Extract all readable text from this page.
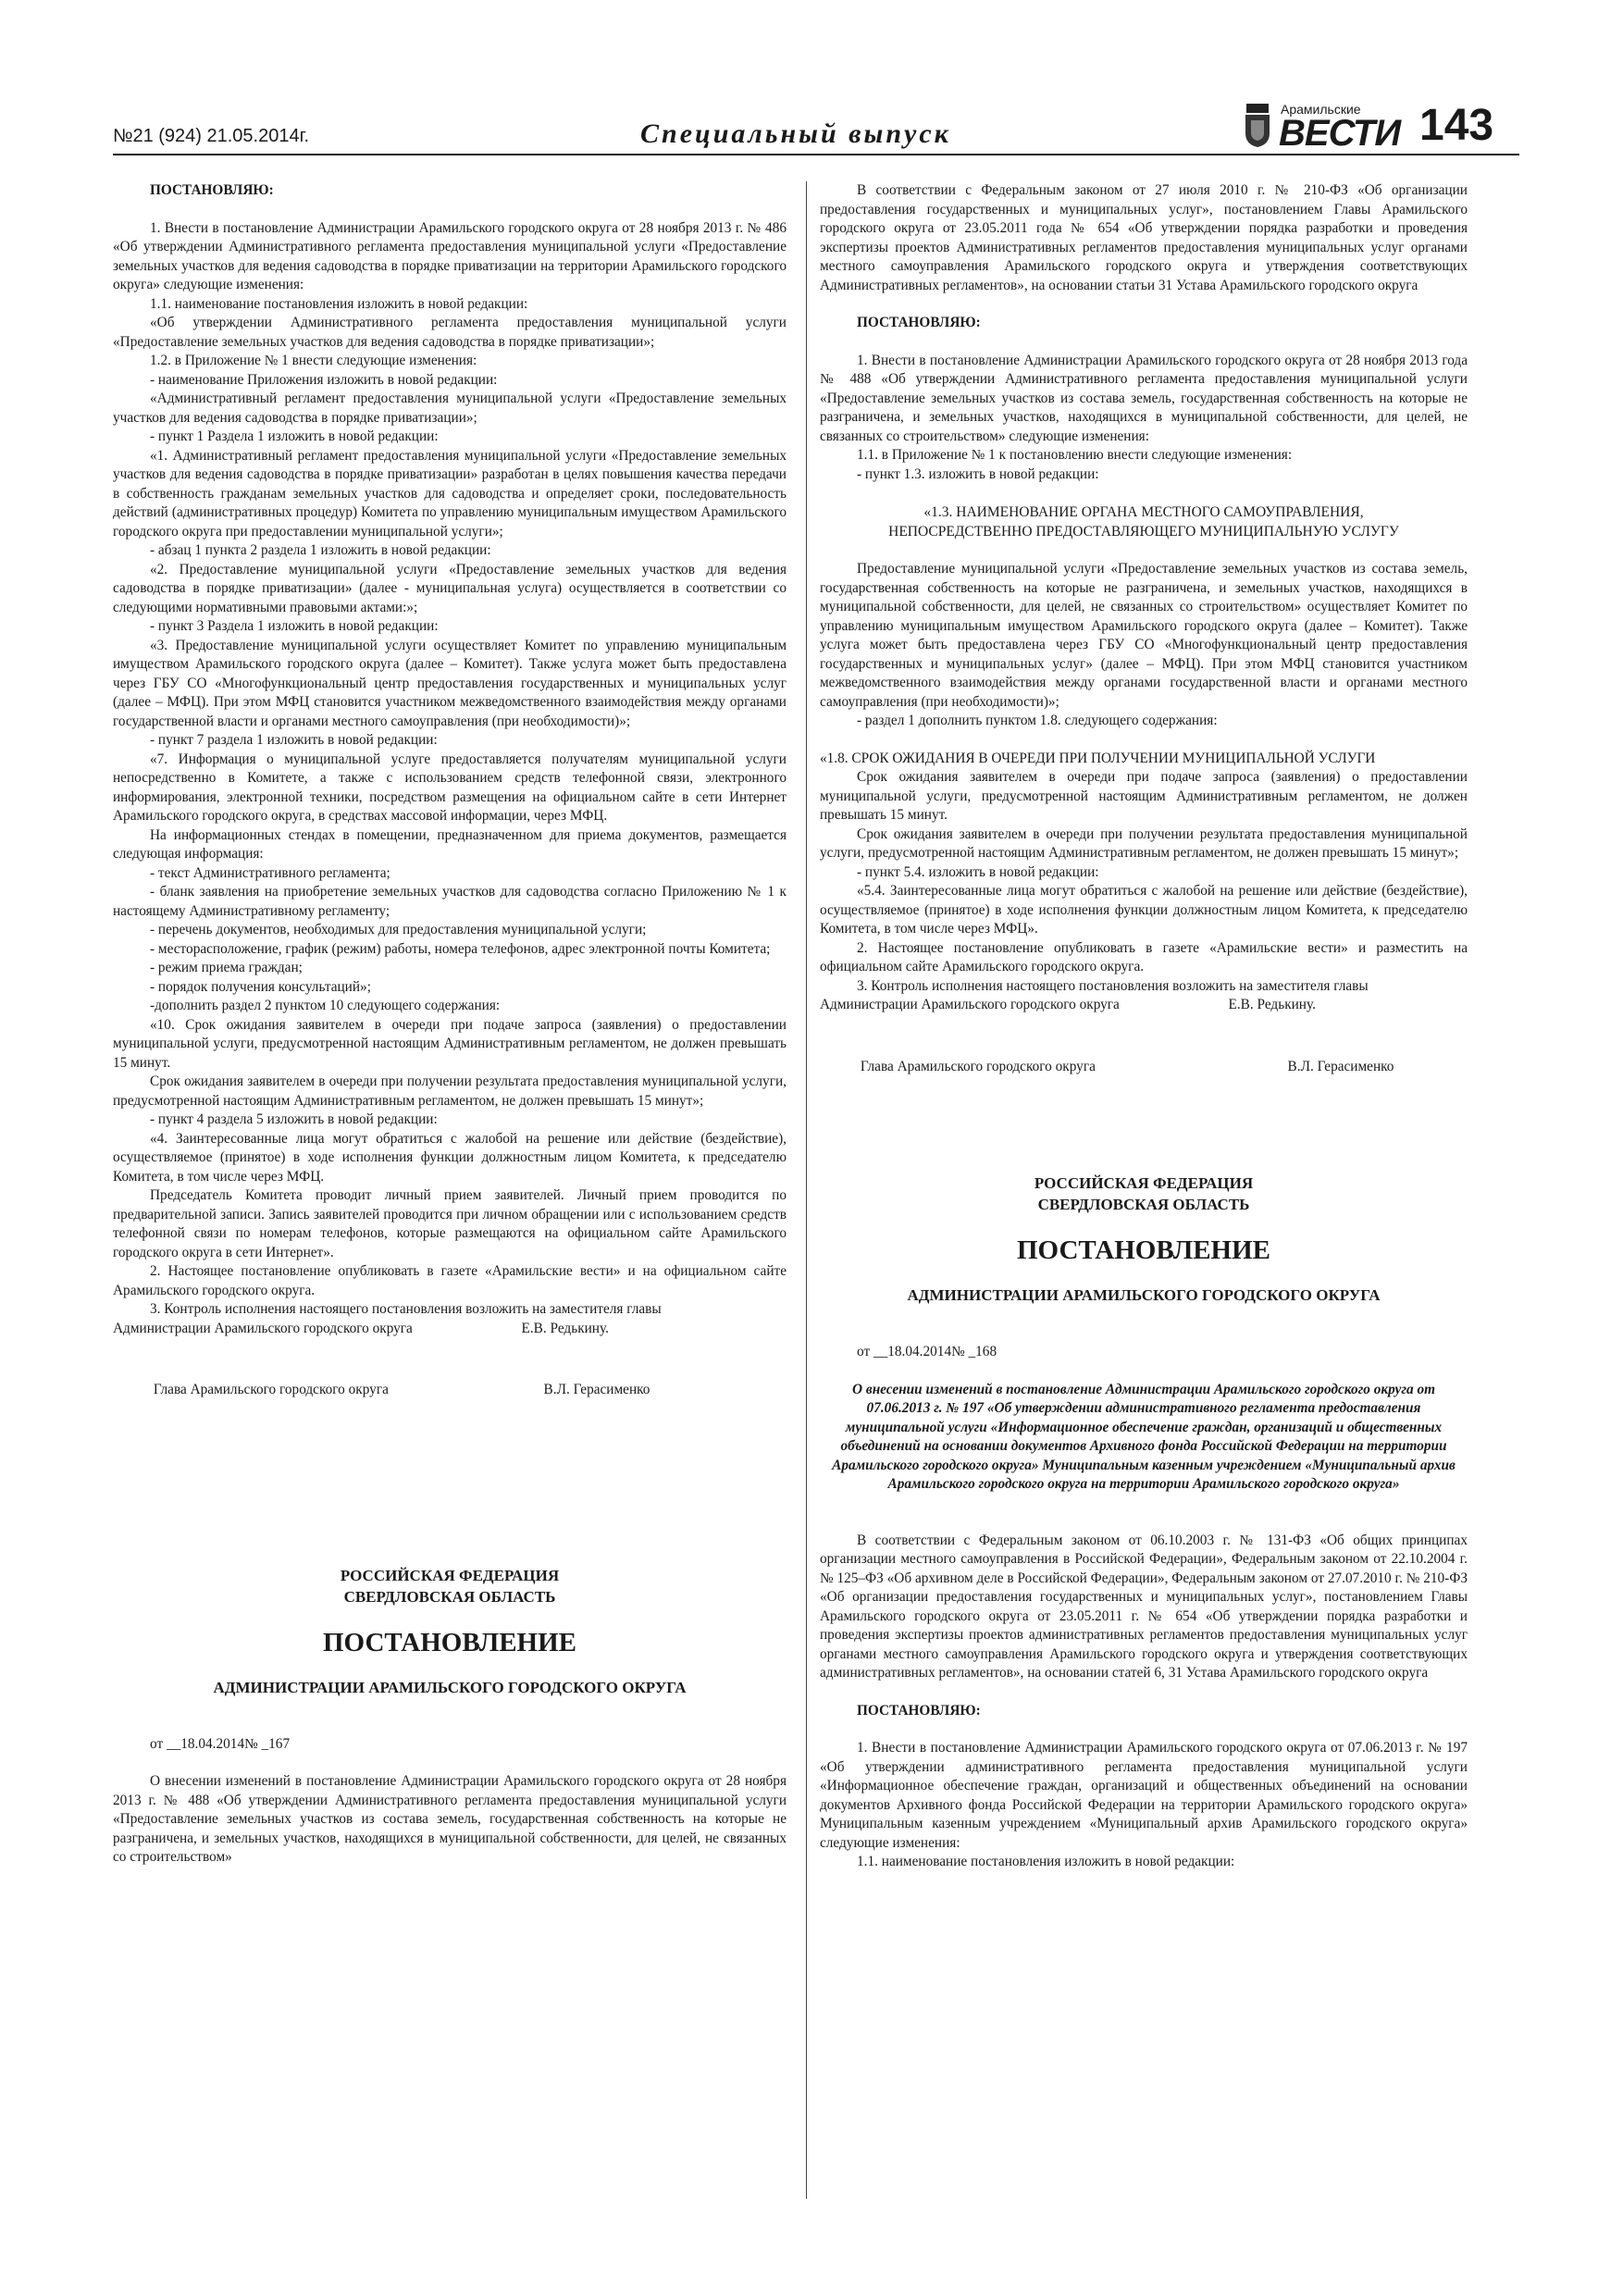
№21 (924) 21.05.2014г.	Специальный выпуск
Арамильские
ВЕСТИ 143

ПОСТАНОВЛЯЮ:

1. Внести в постановление Администрации Арамильского городского округа от 28 ноября 2013 г. № 486 «Об утверждении Административного регламента предоставления муниципальной услуги «Предоставление земельных участков для ведения садоводства в порядке приватизации на территории Арамильского городского округа» следующие изменения:

1.1. наименование постановления изложить в новой редакции:

«Об утверждении Административного регламента предоставления муниципальной услуги «Предоставление земельных участков для ведения садоводства в порядке приватизации»;

1.2. в Приложение № 1 внести следующие изменения:

- наименование Приложения изложить в новой редакции:

«Административный регламент предоставления муниципальной услуги «Предоставление земельных участков для ведения садоводства в порядке приватизации»;

- пункт 1 Раздела 1 изложить в новой редакции:

«1. Административный регламент предоставления муниципальной услуги «Предоставление земельных участков для ведения садоводства в порядке приватизации» разработан в целях повышения качества передачи в собственность гражданам земельных участков для садоводства и определяет сроки, последовательность действий (административных процедур) Комитета по управлению муниципальным имуществом Арамильского городского округа при предоставлении муниципальной услуги»;

- абзац 1 пункта 2 раздела 1 изложить в новой редакции:

«2. Предоставление муниципальной услуги «Предоставление земельных участков для ведения садоводства в порядке приватизации» (далее - муниципальная услуга) осуществляется в соответствии со следующими нормативными правовыми актами:»;

- пункт 3 Раздела 1 изложить в новой редакции:

«3. Предоставление муниципальной услуги осуществляет Комитет по управлению муниципальным имуществом Арамильского городского округа (далее – Комитет). Также услуга может быть предоставлена через ГБУ СО «Многофункциональный центр предоставления государственных и муниципальных услуг (далее – МФЦ). При этом МФЦ становится участником межведомственного взаимодействия между органами государственной власти и органами местного самоуправления (при необходимости)»;

- пункт 7 раздела 1 изложить в новой редакции:

«7. Информация о муниципальной услуге предоставляется получателям муниципальной услуги непосредственно в Комитете, а также с использованием средств телефонной связи, электронного информирования, электронной техники, посредством размещения на официальном сайте в сети Интернет Арамильского городского округа, в средствах массовой информации, через МФЦ.

На информационных стендах в помещении, предназначенном для приема документов, размещается следующая информация:

- текст Административного регламента;

- бланк заявления на приобретение земельных участков для садоводства согласно Приложению № 1 к настоящему Административному регламенту;

- перечень документов, необходимых для предоставления муниципальной услуги;

- месторасположение, график (режим) работы, номера телефонов, адрес электронной почты Комитета;

- режим приема граждан;

- порядок получения консультаций»;

-дополнить раздел 2 пунктом 10 следующего содержания:

«10. Срок ожидания заявителем в очереди при подаче запроса (заявления) о предоставлении муниципальной услуги, предусмотренной настоящим Административным регламентом, не должен превышать 15 минут.

Срок ожидания заявителем в очереди при получении результата предоставления муниципальной услуги, предусмотренной настоящим Административным регламентом, не должен превышать 15 минут»;

- пункт 4 раздела 5 изложить в новой редакции:

«4. Заинтересованные лица могут обратиться с жалобой на решение или действие (бездействие), осуществляемое (принятое) в ходе исполнения функции должностным лицом Комитета, к председателю Комитета, в том числе через МФЦ.

Председатель Комитета проводит личный прием заявителей. Личный прием проводится по предварительной записи. Запись заявителей проводится при личном обращении или с использованием средств телефонной связи по номерам телефонов, которые размещаются на официальном сайте Арамильского городского округа в сети Интернет».

2. Настоящее постановление опубликовать в газете «Арамильские вести» и на официальном сайте Арамильского городского округа.

3. Контроль исполнения настоящего постановления возложить на заместителя главы

Администрации Арамильского городского округа	Е.В. Редькину.

Глава Арамильского городского округа	В.Л. Герасименко

РОССИЙСКАЯ ФЕДЕРАЦИЯ

СВЕРДЛОВСКАЯ ОБЛАСТЬ

ПОСТАНОВЛЕНИЕ

АДМИНИСТРАЦИИ АРАМИЛЬСКОГО ГОРОДСКОГО ОКРУГА

от __18.04.2014№ _167

О внесении изменений в постановление Администрации Арамильского городского округа от 28 ноября 2013 г. № 488 «Об утверждении Административного регламента предоставления муниципальной услуги «Предоставление земельных участков из состава земель, государственная собственность на которые не разграничена, и земельных участков, находящихся в муниципальной собственности, для целей, не связанных со строительством»

В соответствии с Федеральным законом от 27 июля 2010 г. № 210-ФЗ «Об организации предоставления государственных и муниципальных услуг», постановлением Главы Арамильского городского округа от 23.05.2011 года № 654 «Об утверждении порядка разработки и проведения экспертизы проектов Административных регламентов предоставления муниципальных услуг органами местного самоуправления Арамильского городского округа и утверждения соответствующих Административных регламентов», на основании статьи 31 Устава Арамильского городского округа

ПОСТАНОВЛЯЮ:

1. Внести в постановление Администрации Арамильского городского округа от 28 ноября 2013 года № 488 «Об утверждении Административного регламента предоставления муниципальной услуги «Предоставление земельных участков из состава земель, государственная собственность на которые не разграничена, и земельных участков, находящихся в муниципальной собственности, для целей, не связанных со строительством» следующие изменения:

1.1. в Приложение № 1 к постановлению внести следующие изменения:

- пункт 1.3. изложить в новой редакции:

«1.3. НАИМЕНОВАНИЕ ОРГАНА МЕСТНОГО САМОУПРАВЛЕНИЯ,

НЕПОСРЕДСТВЕННО ПРЕДОСТАВЛЯЮЩЕГО МУНИЦИПАЛЬНУЮ УСЛУГУ

Предоставление муниципальной услуги «Предоставление земельных участков из состава земель, государственная собственность на которые не разграничена, и земельных участков, находящихся в муниципальной собственности, для целей, не связанных со строительством» осуществляет Комитет по управлению муниципальным имуществом Арамильского городского округа (далее – Комитет). Также услуга может быть предоставлена через ГБУ СО «Многофункциональный центр предоставления государственных и муниципальных услуг» (далее – МФЦ). При этом МФЦ становится участником межведомственного взаимодействия между органами государственной власти и органами местного самоуправления (при необходимости)»;

- раздел 1 дополнить пунктом 1.8. следующего содержания:

«1.8. СРОК ОЖИДАНИЯ В ОЧЕРЕДИ ПРИ ПОЛУЧЕНИИ МУНИЦИПАЛЬНОЙ УСЛУГИ

Срок ожидания заявителем в очереди при подаче запроса (заявления) о предоставлении муниципальной услуги, предусмотренной настоящим Административным регламентом, не должен превышать 15 минут.

Срок ожидания заявителем в очереди при получении результата предоставления муниципальной услуги, предусмотренной настоящим Административным регламентом, не должен превышать 15 минут»;

- пункт 5.4. изложить в новой редакции:

«5.4. Заинтересованные лица могут обратиться с жалобой на решение или действие (бездействие), осуществляемое (принятое) в ходе исполнения функции должностным лицом Комитета, к председателю Комитета, в том числе через МФЦ».

2. Настоящее постановление опубликовать в газете «Арамильские вести» и разместить на официальном сайте Арамильского городского округа.

3. Контроль исполнения настоящего постановления возложить на заместителя главы

Администрации Арамильского городского округа	Е.В. Редькину.

Глава Арамильского городского округа	В.Л. Герасименко

РОССИЙСКАЯ ФЕДЕРАЦИЯ

СВЕРДЛОВСКАЯ ОБЛАСТЬ

ПОСТАНОВЛЕНИЕ

АДМИНИСТРАЦИИ АРАМИЛЬСКОГО ГОРОДСКОГО ОКРУГА

от __18.04.2014№ _168

О внесении изменений в постановление Администрации Арамильского городского округа от 07.06.2013 г. № 197 «Об утверждении административного регламента предоставления муниципальной услуги «Информационное обеспечение граждан, организаций и общественных объединений на основании документов Архивного фонда Российской Федерации на территории Арамильского городского округа» Муниципальным казенным учреждением «Муниципальный архив Арамильского городского округа на территории Арамильского городского округа»

В соответствии с Федеральным законом от 06.10.2003 г. № 131-ФЗ «Об общих принципах организации местного самоуправления в Российской Федерации», Федеральным законом от 22.10.2004 г. № 125–ФЗ «Об архивном деле в Российской Федерации», Федеральным законом от 27.07.2010 г. № 210-ФЗ «Об организации предоставления государственных и муниципальных услуг», постановлением Главы Арамильского городского округа от 23.05.2011 г. № 654 «Об утверждении порядка разработки и проведения экспертизы проектов административных регламентов предоставления муниципальных услуг органами местного самоуправления Арамильского городского округа и утверждения соответствующих административных регламентов», на основании статей 6, 31 Устава Арамильского городского округа

ПОСТАНОВЛЯЮ:

1. Внести в постановление Администрации Арамильского городского округа от 07.06.2013 г. № 197 «Об утверждении административного регламента предоставления муниципальной услуги «Информационное обеспечение граждан, организаций и общественных объединений на основании документов Архивного фонда Российской Федерации на территории Арамильского городского округа» Муниципальным казенным учреждением «Муниципальный архив Арамильского городского округа» следующие изменения:

1.1. наименование постановления изложить в новой редакции:
